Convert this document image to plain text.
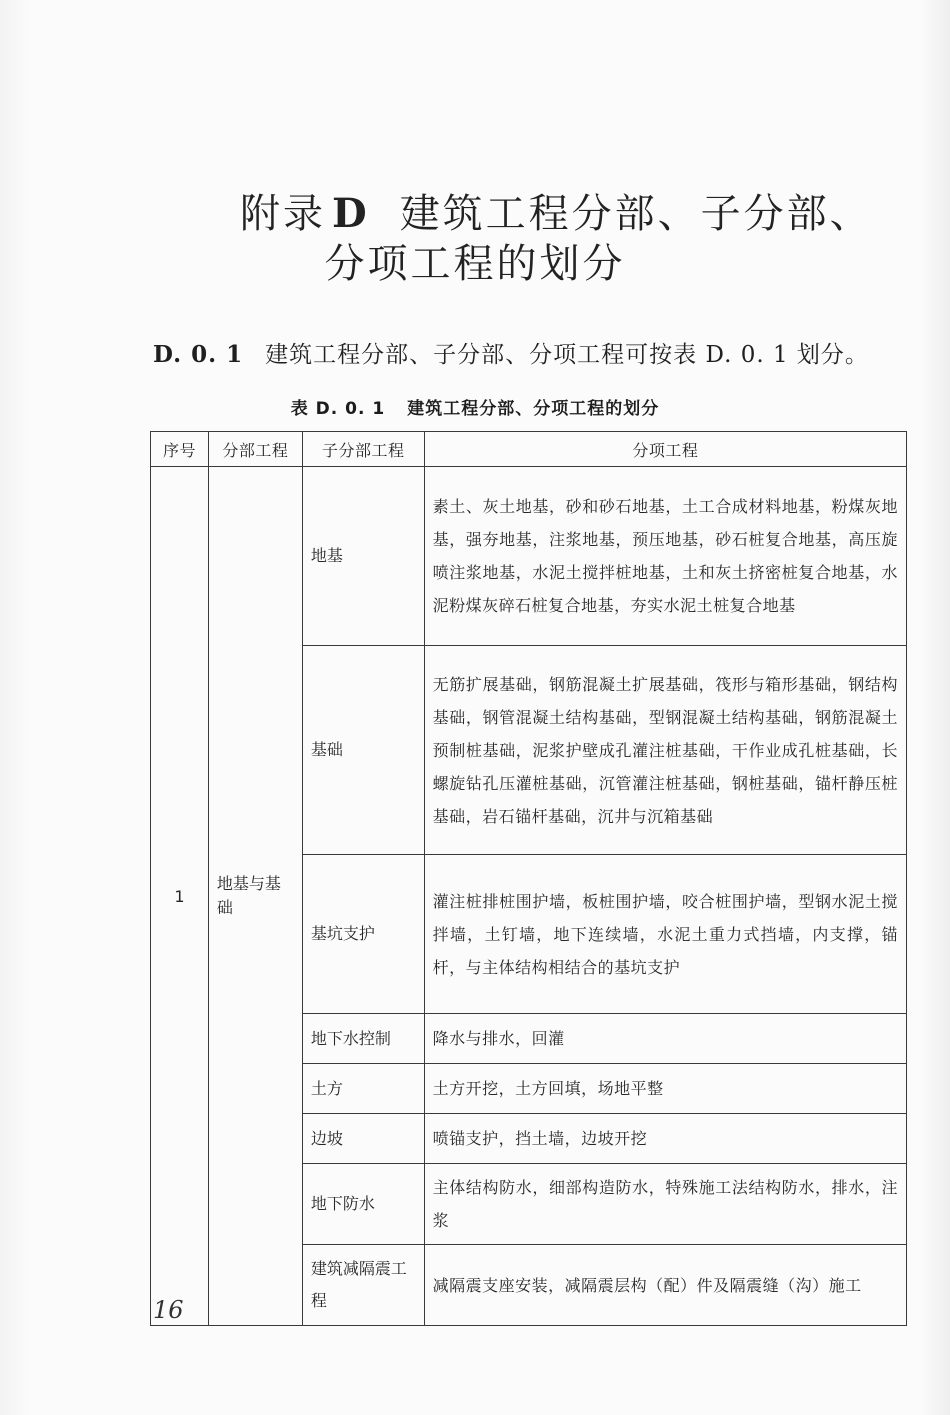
附录 D 建筑工程分部、子分部、
分项工程的划分
D. 0. 1 建筑工程分部、子分部、分项工程可按表 D. 0. 1 划分。
表 D. 0. 1 建筑工程分部、分项工程的划分
序号	分部工程	子分部工程	分项工程
1	地基与基础	地基	素土、灰土地基，砂和砂石地基，土工合成材料地基，粉煤灰地基，强夯地基，注浆地基，预压地基，砂石桩复合地基，高压旋喷注浆地基，水泥土搅拌桩地基，土和灰土挤密桩复合地基，水泥粉煤灰碎石桩复合地基，夯实水泥土桩复合地基
		基础	无筋扩展基础，钢筋混凝土扩展基础，筏形与箱形基础，钢结构基础，钢管混凝土结构基础，型钢混凝土结构基础，钢筋混凝土预制桩基础，泥浆护壁成孔灌注桩基础，干作业成孔桩基础，长螺旋钻孔压灌桩基础，沉管灌注桩基础，钢桩基础，锚杆静压桩基础，岩石锚杆基础，沉井与沉箱基础
		基坑支护	灌注桩排桩围护墙，板桩围护墙，咬合桩围护墙，型钢水泥土搅拌墙，土钉墙，地下连续墙，水泥土重力式挡墙，内支撑，锚杆，与主体结构相结合的基坑支护
		地下水控制	降水与排水，回灌
		土方	土方开挖，土方回填，场地平整
		边坡	喷锚支护，挡土墙，边坡开挖
		地下防水	主体结构防水，细部构造防水，特殊施工法结构防水，排水，注浆
		建筑减隔震工程	减隔震支座安装，减隔震层构（配）件及隔震缝（沟）施工
16
